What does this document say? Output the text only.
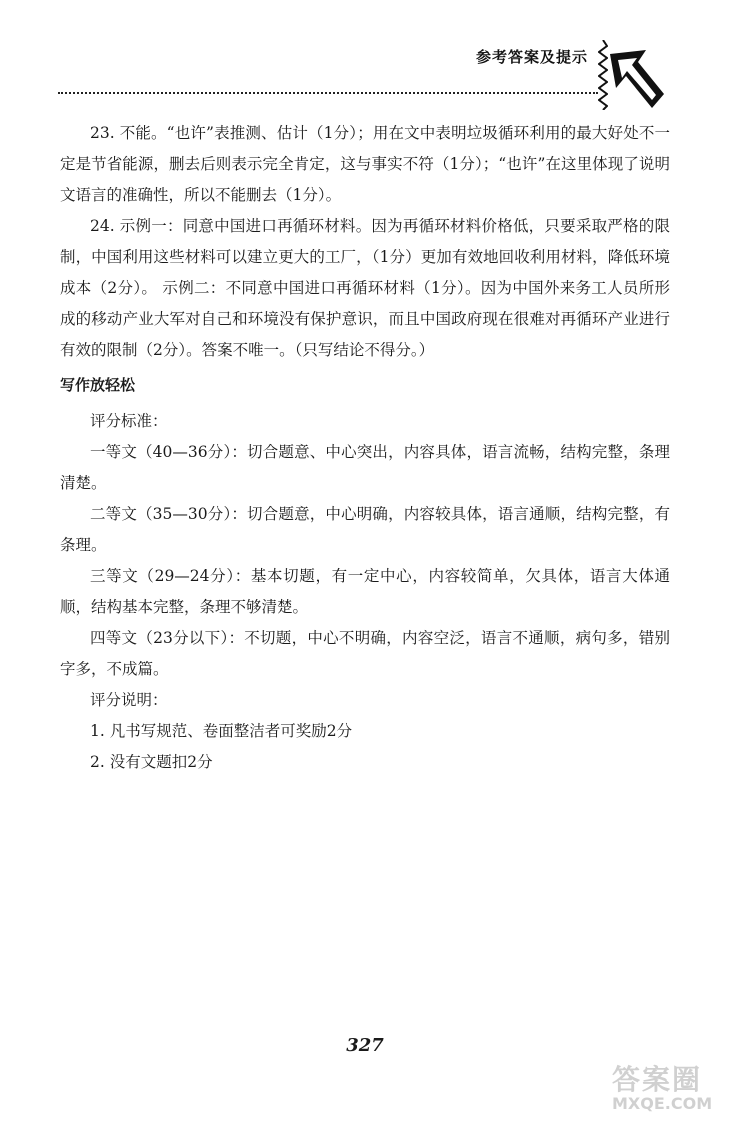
参考答案及提示

23. 不能。“也许”表推测、估计（1分）；用在文中表明垃圾循环利用的最大好处不一定是节省能源，删去后则表示完全肯定，这与事实不符（1分）；“也许”在这里体现了说明文语言的准确性，所以不能删去（1分）。

24. 示例一：同意中国进口再循环材料。因为再循环材料价格低，只要采取严格的限制，中国利用这些材料可以建立更大的工厂，（1分）更加有效地回收利用材料，降低环境成本（2分）。 示例二：不同意中国进口再循环材料（1分）。因为中国外来务工人员所形成的移动产业大军对自己和环境没有保护意识，而且中国政府现在很难对再循环产业进行有效的限制（2分）。答案不唯一。（只写结论不得分。）

写作放轻松

评分标准：

一等文（40—36分）：切合题意、中心突出，内容具体，语言流畅，结构完整，条理清楚。

二等文（35—30分）：切合题意，中心明确，内容较具体，语言通顺，结构完整，有条理。

三等文（29—24分）：基本切题，有一定中心，内容较简单，欠具体，语言大体通顺，结构基本完整，条理不够清楚。

四等文（23分以下）：不切题，中心不明确，内容空泛，语言不通顺，病句多，错别字多，不成篇。

评分说明：

1. 凡书写规范、卷面整洁者可奖励2分

2. 没有文题扣2分

327
答案圈
MXQE.COM
